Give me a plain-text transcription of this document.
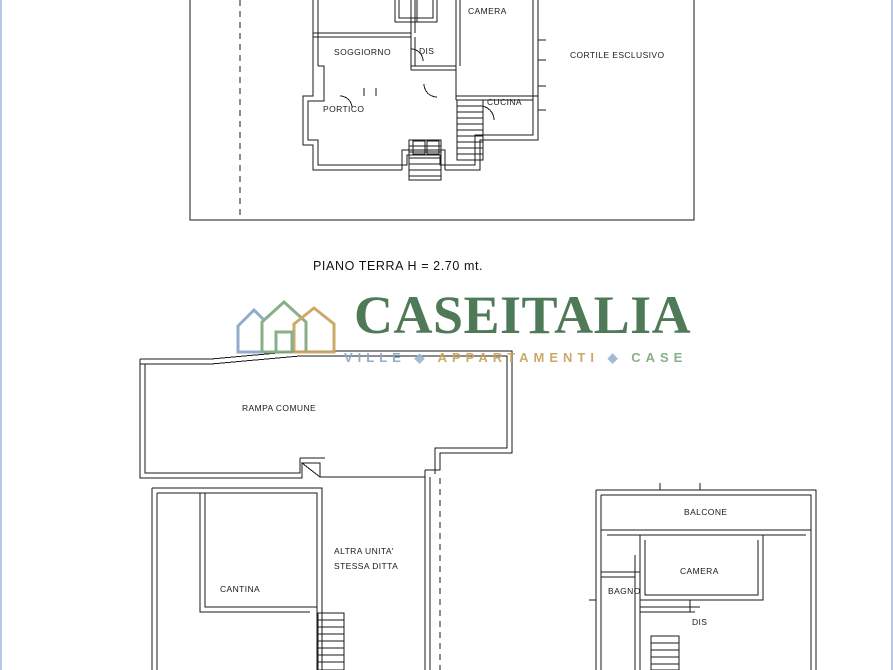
CAMERA
SOGGIORNO	DIS
CUCINA
PORTICO
CORTILE ESCLUSIVO
PIANO TERRA H = 2.70 mt.
RAMPA COMUNE
CANTINA
ALTRA UNITA'
STESSA DITTA
BALCONE
CAMERA
BAGNO
DIS
CASEITALIA
VILLE ◆ APPARTAMENTI ◆ CASE
